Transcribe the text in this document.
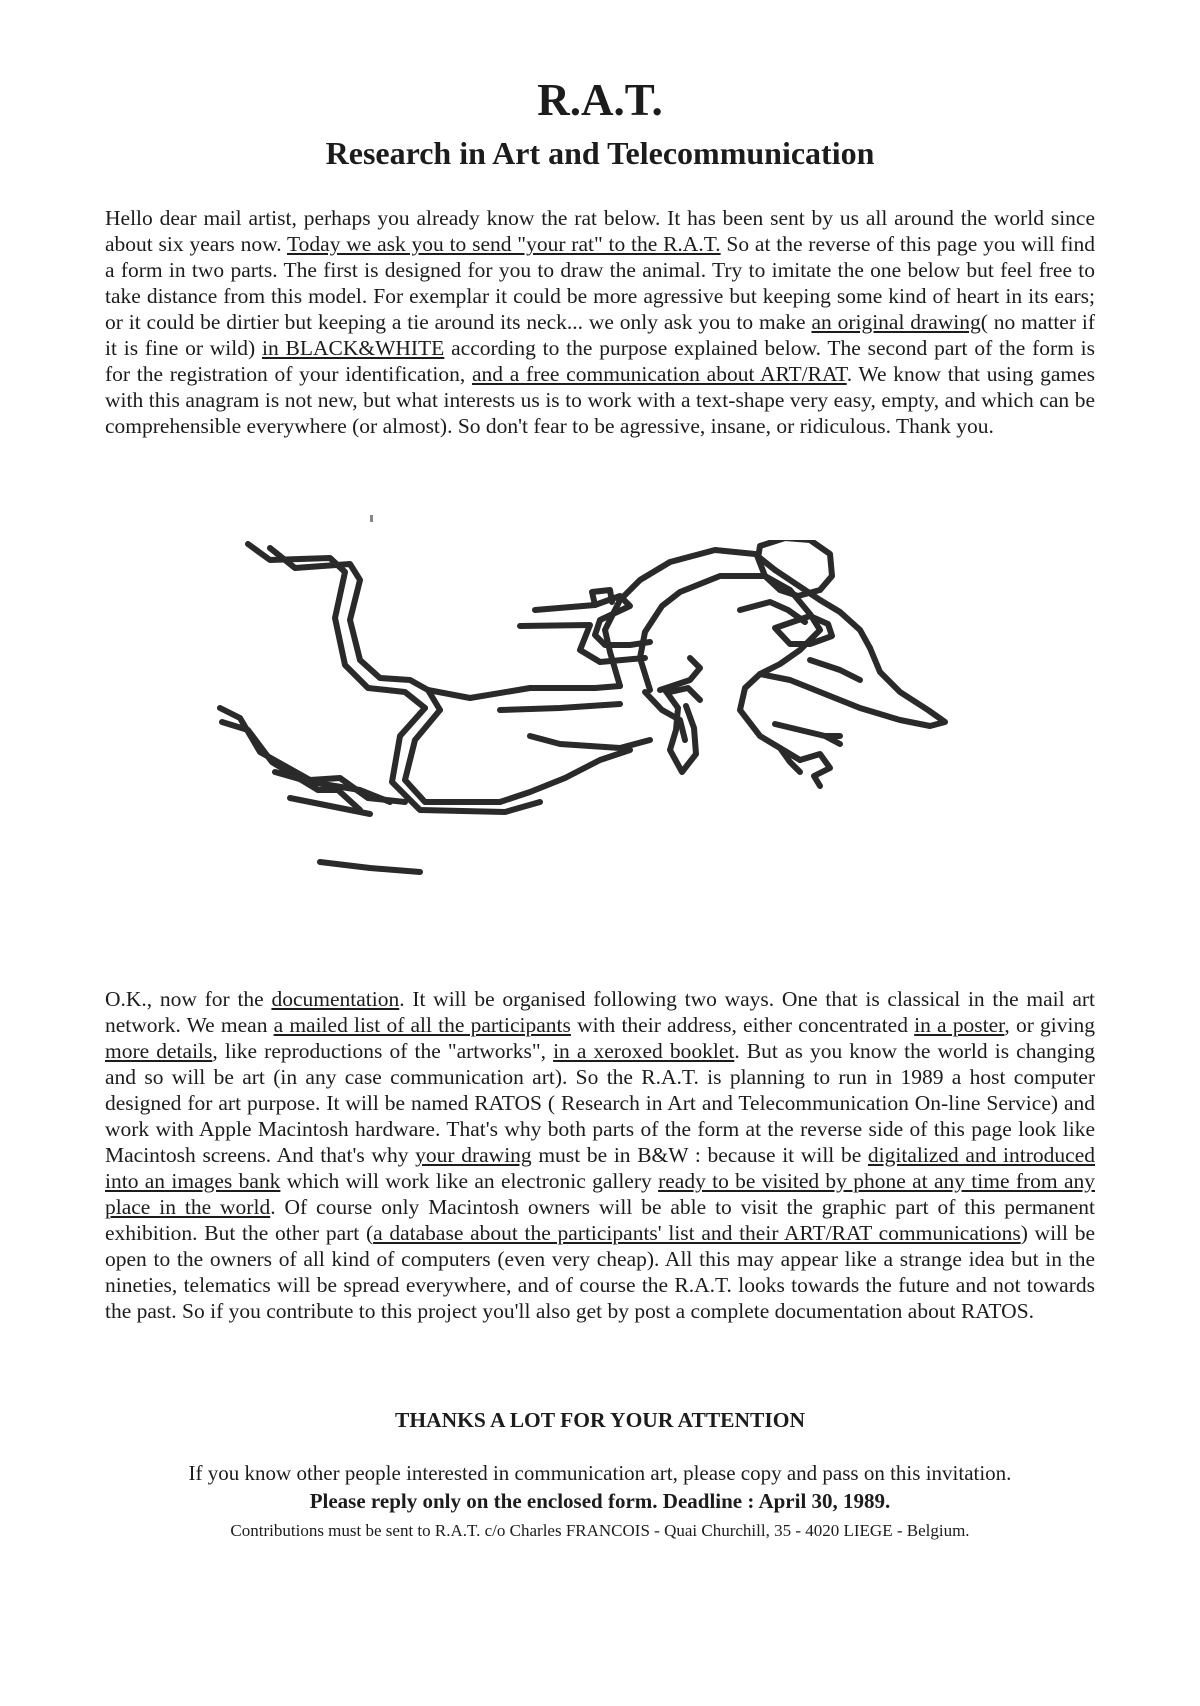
R.A.T.
Research in Art and Telecommunication
Hello dear mail artist, perhaps you already know the rat below. It has been sent by us all around the world since about six years now. Today we ask you to send "your rat" to the R.A.T. So at the reverse of this page you will find a form in two parts. The first is designed for you to draw the animal. Try to imitate the one below but feel free to take distance from this model. For exemplar it could be more agressive but keeping some kind of heart in its ears; or it could be dirtier but keeping a tie around its neck... we only ask you to make an original drawing( no matter if it is fine or wild) in BLACK&WHITE according to the purpose explained below. The second part of the form is for the registration of your identification, and a free communication about ART/RAT. We know that using games with this anagram is not new, but what interests us is to work with a text-shape very easy, empty, and which can be comprehensible everywhere (or almost). So don't fear to be agressive, insane, or ridiculous. Thank you.
O.K., now for the documentation. It will be organised following two ways. One that is classical in the mail art network. We mean a mailed list of all the participants with their address, either concentrated in a poster, or giving more details, like reproductions of the "artworks", in a xeroxed booklet. But as you know the world is changing and so will be art (in any case communication art). So the R.A.T. is planning to run in 1989 a host computer designed for art purpose. It will be named RATOS ( Research in Art and Telecommunication On-line Service) and work with Apple Macintosh hardware. That's why both parts of the form at the reverse side of this page look like Macintosh screens. And that's why your drawing must be in B&W : because it will be digitalized and introduced into an images bank which will work like an electronic gallery ready to be visited by phone at any time from any place in the world. Of course only Macintosh owners will be able to visit the graphic part of this permanent exhibition. But the other part (a database about the participants' list and their ART/RAT communications) will be open to the owners of all kind of computers (even very cheap). All this may appear like a strange idea but in the nineties, telematics will be spread everywhere, and of course the R.A.T. looks towards the future and not towards the past. So if you contribute to this project you'll also get by post a complete documentation about RATOS.
THANKS A LOT FOR YOUR ATTENTION
If you know other people interested in communication art, please copy and pass on this invitation.
Please reply only on the enclosed form. Deadline : April 30, 1989.
Contributions must be sent to R.A.T. c/o Charles FRANCOIS - Quai Churchill, 35 - 4020 LIEGE - Belgium.
